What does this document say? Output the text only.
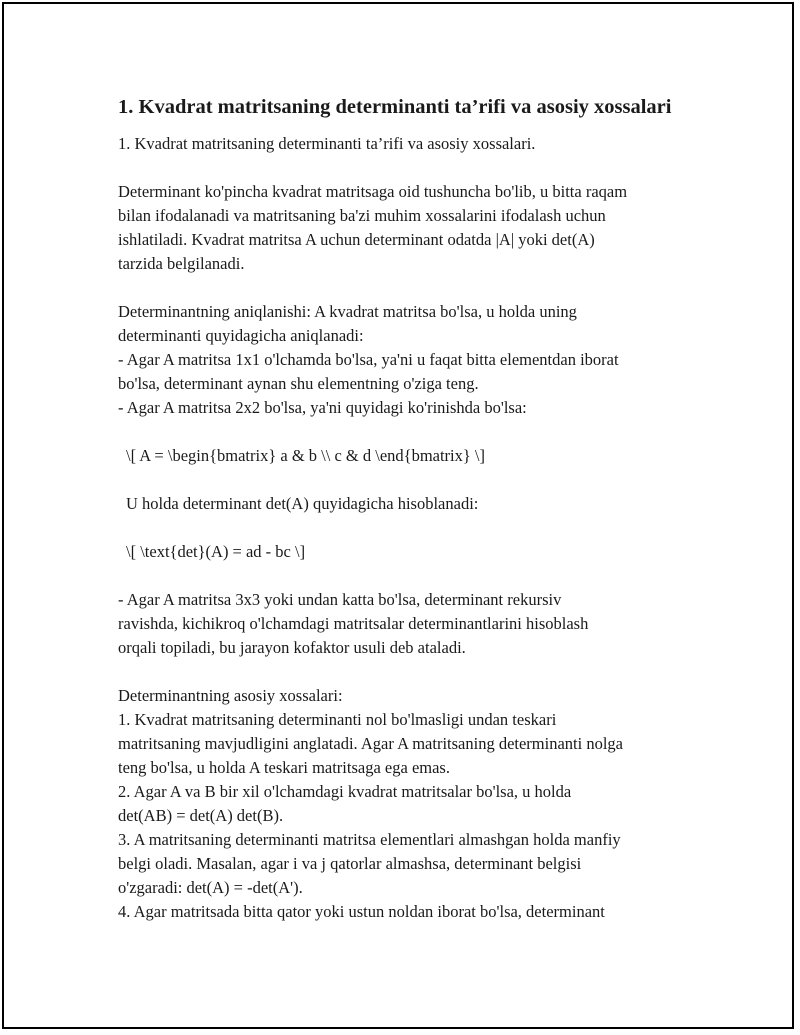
1. Kvadrat matritsaning determinanti ta’rifi va asosiy xossalari
1. Kvadrat matritsaning determinanti ta’rifi va asosiy xossalari.
Determinant ko'pincha kvadrat matritsaga oid tushuncha bo'lib, u bitta raqam
bilan ifodalanadi va matritsaning ba'zi muhim xossalarini ifodalash uchun
ishlatiladi. Kvadrat matritsa A uchun determinant odatda |A| yoki det(A)
tarzida belgilanadi.
Determinantning aniqlanishi: A kvadrat matritsa bo'lsa, u holda uning
determinanti quyidagicha aniqlanadi:
- Agar A matritsa 1x1 o'lchamda bo'lsa, ya'ni u faqat bitta elementdan iborat
bo'lsa, determinant aynan shu elementning o'ziga teng.
- Agar A matritsa 2x2 bo'lsa, ya'ni quyidagi ko'rinishda bo'lsa:
\[ A = \begin{bmatrix} a & b \\ c & d \end{bmatrix} \]
U holda determinant det(A) quyidagicha hisoblanadi:
\[ \text{det}(A) = ad - bc \]
- Agar A matritsa 3x3 yoki undan katta bo'lsa, determinant rekursiv
ravishda, kichikroq o'lchamdagi matritsalar determinantlarini hisoblash
orqali topiladi, bu jarayon kofaktor usuli deb ataladi.
Determinantning asosiy xossalari:
1. Kvadrat matritsaning determinanti nol bo'lmasligi undan teskari
matritsaning mavjudligini anglatadi. Agar A matritsaning determinanti nolga
teng bo'lsa, u holda A teskari matritsaga ega emas.
2. Agar A va B bir xil o'lchamdagi kvadrat matritsalar bo'lsa, u holda
det(AB) = det(A) det(B).
3. A matritsaning determinanti matritsa elementlari almashgan holda manfiy
belgi oladi. Masalan, agar i va j qatorlar almashsa, determinant belgisi
o'zgaradi: det(A) = -det(A').
4. Agar matritsada bitta qator yoki ustun noldan iborat bo'lsa, determinant
